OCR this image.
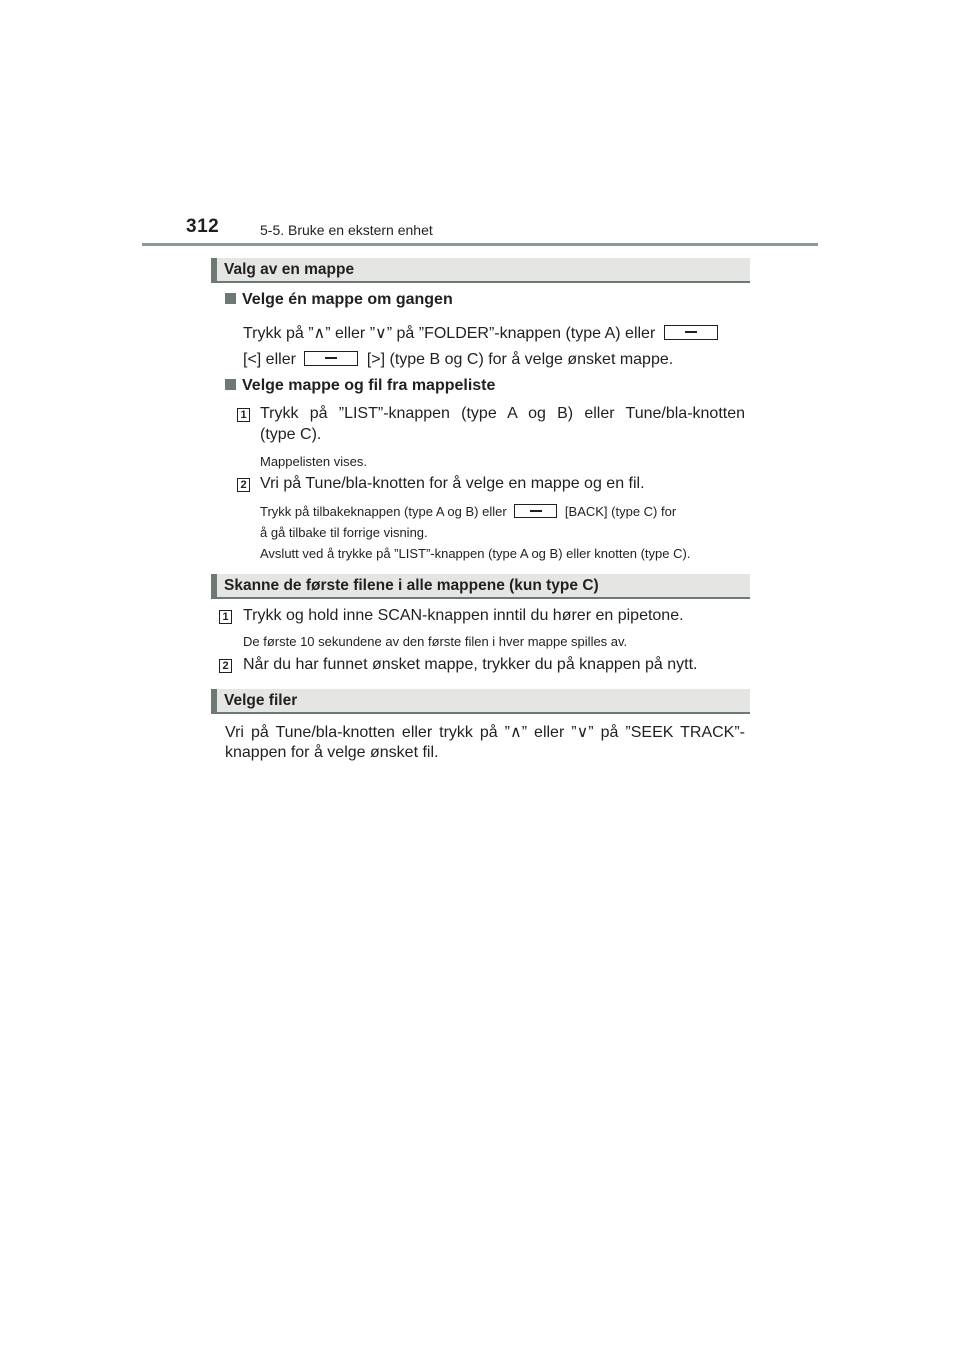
312	5-5. Bruke en ekstern enhet
Valg av en mappe
Velge én mappe om gangen
Trykk på ”∧” eller ”∨” på ”FOLDER”-knappen (type A) eller
[<] eller	[>] (type B og C) for å velge ønsket mappe.
Velge mappe og fil fra mappeliste
1 Trykk på ”LIST”-knappen (type A og B) eller Tune/bla-knotten
(type C).
Mappelisten vises.
2 Vri på Tune/bla-knotten for å velge en mappe og en fil.
Trykk på tilbakeknappen (type A og B) eller	[BACK] (type C) for
å gå tilbake til forrige visning.
Avslutt ved å trykke på ”LIST”-knappen (type A og B) eller knotten (type C).
Skanne de første filene i alle mappene (kun type C)
1 Trykk og hold inne SCAN-knappen inntil du hører en pipetone.
De første 10 sekundene av den første filen i hver mappe spilles av.
2 Når du har funnet ønsket mappe, trykker du på knappen på nytt.
Velge filer
Vri på Tune/bla-knotten eller trykk på ”∧” eller ”∨” på ”SEEK TRACK”-
knappen for å velge ønsket fil.
